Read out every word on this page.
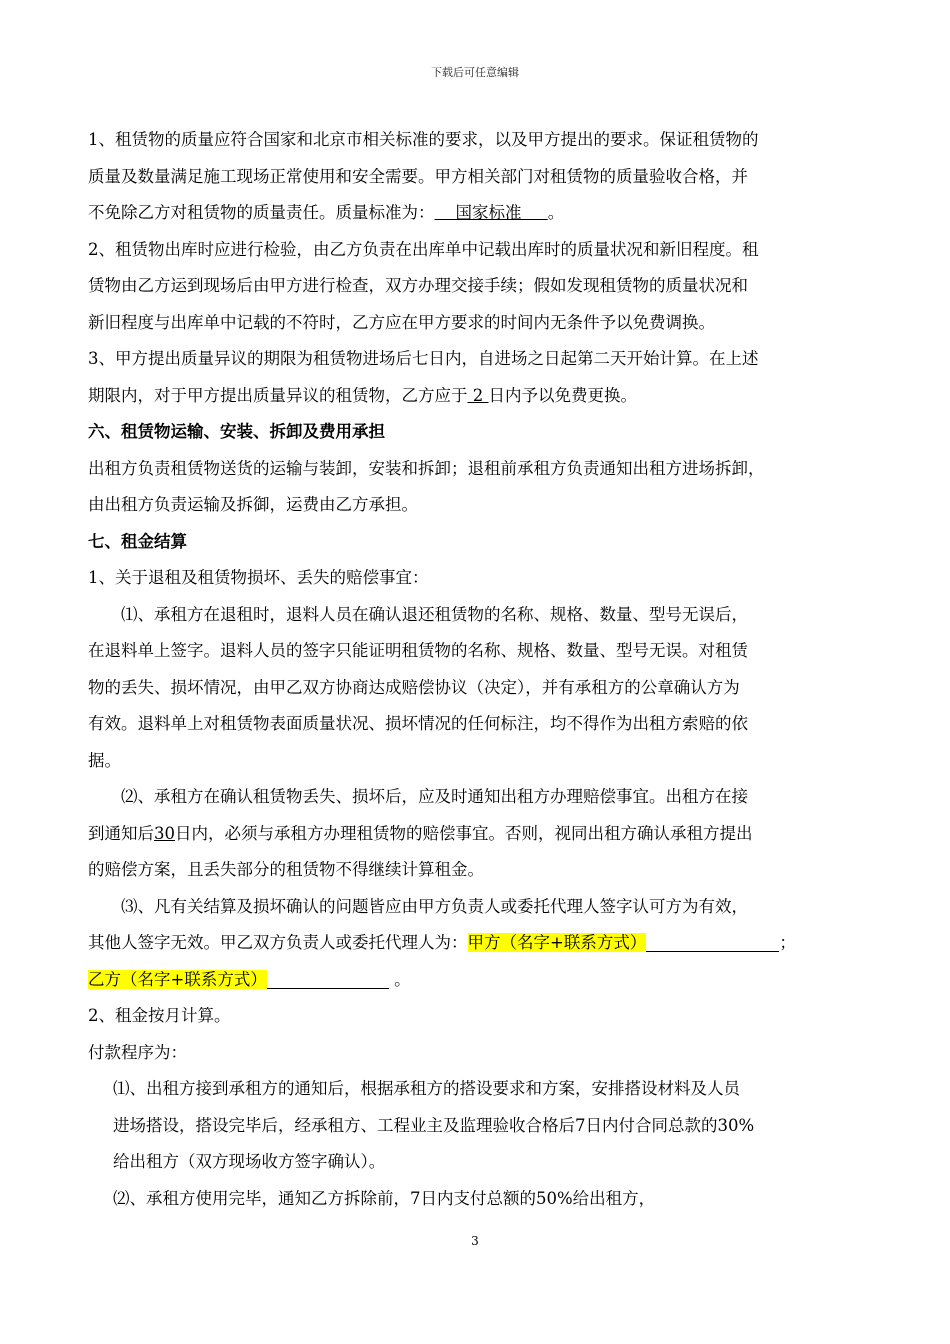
下载后可任意编辑

1、租赁物的质量应符合国家和北京市相关标准的要求，以及甲方提出的要求。保证租赁物的

质量及数量满足施工现场正常使用和安全需要。甲方相关部门对租赁物的质量验收合格，并

不免除乙方对租赁物的质量责任。质量标准为：    国家标准     。

2、租赁物出库时应进行检验，由乙方负责在出库单中记载出库时的质量状况和新旧程度。租

赁物由乙方运到现场后由甲方进行检查，双方办理交接手续；假如发现租赁物的质量状况和

新旧程度与出库单中记载的不符时，乙方应在甲方要求的时间内无条件予以免费调换。

3、甲方提出质量异议的期限为租赁物进场后七日内，自进场之日起第二天开始计算。在上述

期限内，对于甲方提出质量异议的租赁物，乙方应于 2 日内予以免费更换。

六、租赁物运输、安装、拆卸及费用承担

出租方负责租赁物送货的运输与装卸，安装和拆卸；退租前承租方负责通知出租方进场拆卸，

由出租方负责运输及拆御，运费由乙方承担。

七、租金结算

1、关于退租及租赁物损坏、丢失的赔偿事宜：

⑴、承租方在退租时，退料人员在确认退还租赁物的名称、规格、数量、型号无误后，

在退料单上签字。退料人员的签字只能证明租赁物的名称、规格、数量、型号无误。对租赁

物的丢失、损坏情况，由甲乙双方协商达成赔偿协议（决定），并有承租方的公章确认方为

有效。退料单上对租赁物表面质量状况、损坏情况的任何标注，均不得作为出租方索赔的依

据。

⑵、承租方在确认租赁物丢失、损坏后，应及时通知出租方办理赔偿事宜。出租方在接

到通知后30日内，必须与承租方办理租赁物的赔偿事宜。否则，视同出租方确认承租方提出

的赔偿方案，且丢失部分的租赁物不得继续计算租金。

⑶、凡有关结算及损坏确认的问题皆应由甲方负责人或委托代理人签字认可方为有效，

其他人签字无效。甲乙双方负责人或委托代理人为：甲方（名字+联系方式）	；

乙方（名字+联系方式）	。

2、租金按月计算。

付款程序为：

⑴、出租方接到承租方的通知后，根据承租方的搭设要求和方案，安排搭设材料及人员

进场搭设，搭设完毕后，经承租方、工程业主及监理验收合格后7日内付合同总款的30%

给出租方（双方现场收方签字确认）。

⑵、承租方使用完毕，通知乙方拆除前，7日内支付总额的50%给出租方，

3
